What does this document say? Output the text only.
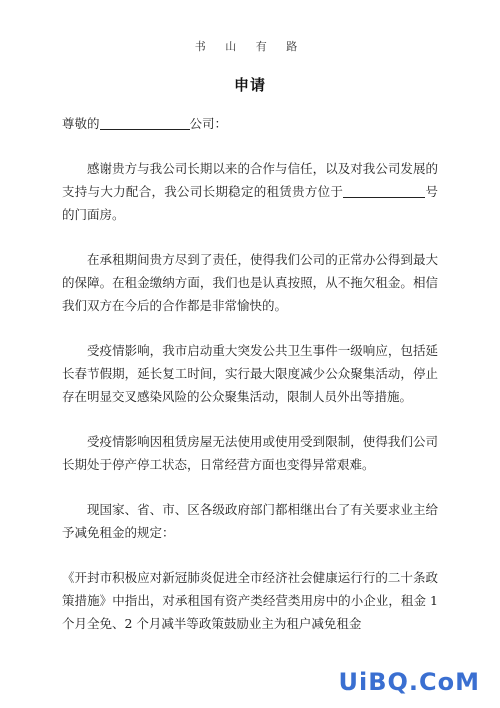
书 山 有 路
申请

尊敬的	公司：

感谢贵方与我公司长期以来的合作与信任，以及对我公司发展的支持与大力配合，我公司长期稳定的租赁贵方位于	号的门面房。

在承租期间贵方尽到了责任，使得我们公司的正常办公得到最大的保障。在租金缴纳方面，我们也是认真按照，从不拖欠租金。相信我们双方在今后的合作都是非常愉快的。

受疫情影响，我市启动重大突发公共卫生事件一级响应，包括延长春节假期，延长复工时间，实行最大限度减少公众聚集活动，停止存在明显交叉感染风险的公众聚集活动，限制人员外出等措施。

受疫情影响因租赁房屋无法使用或使用受到限制，使得我们公司长期处于停产停工状态，日常经营方面也变得异常艰难。

现国家、省、市、区各级政府部门都相继出台了有关要求业主给予减免租金的规定：

《开封市积极应对新冠肺炎促进全市经济社会健康运行行的二十条政策措施》中指出，对承租国有资产类经营类用房中的小企业，租金 1 个月全免、2 个月减半等政策鼓励业主为租户减免租金

UiBQ.CoM
